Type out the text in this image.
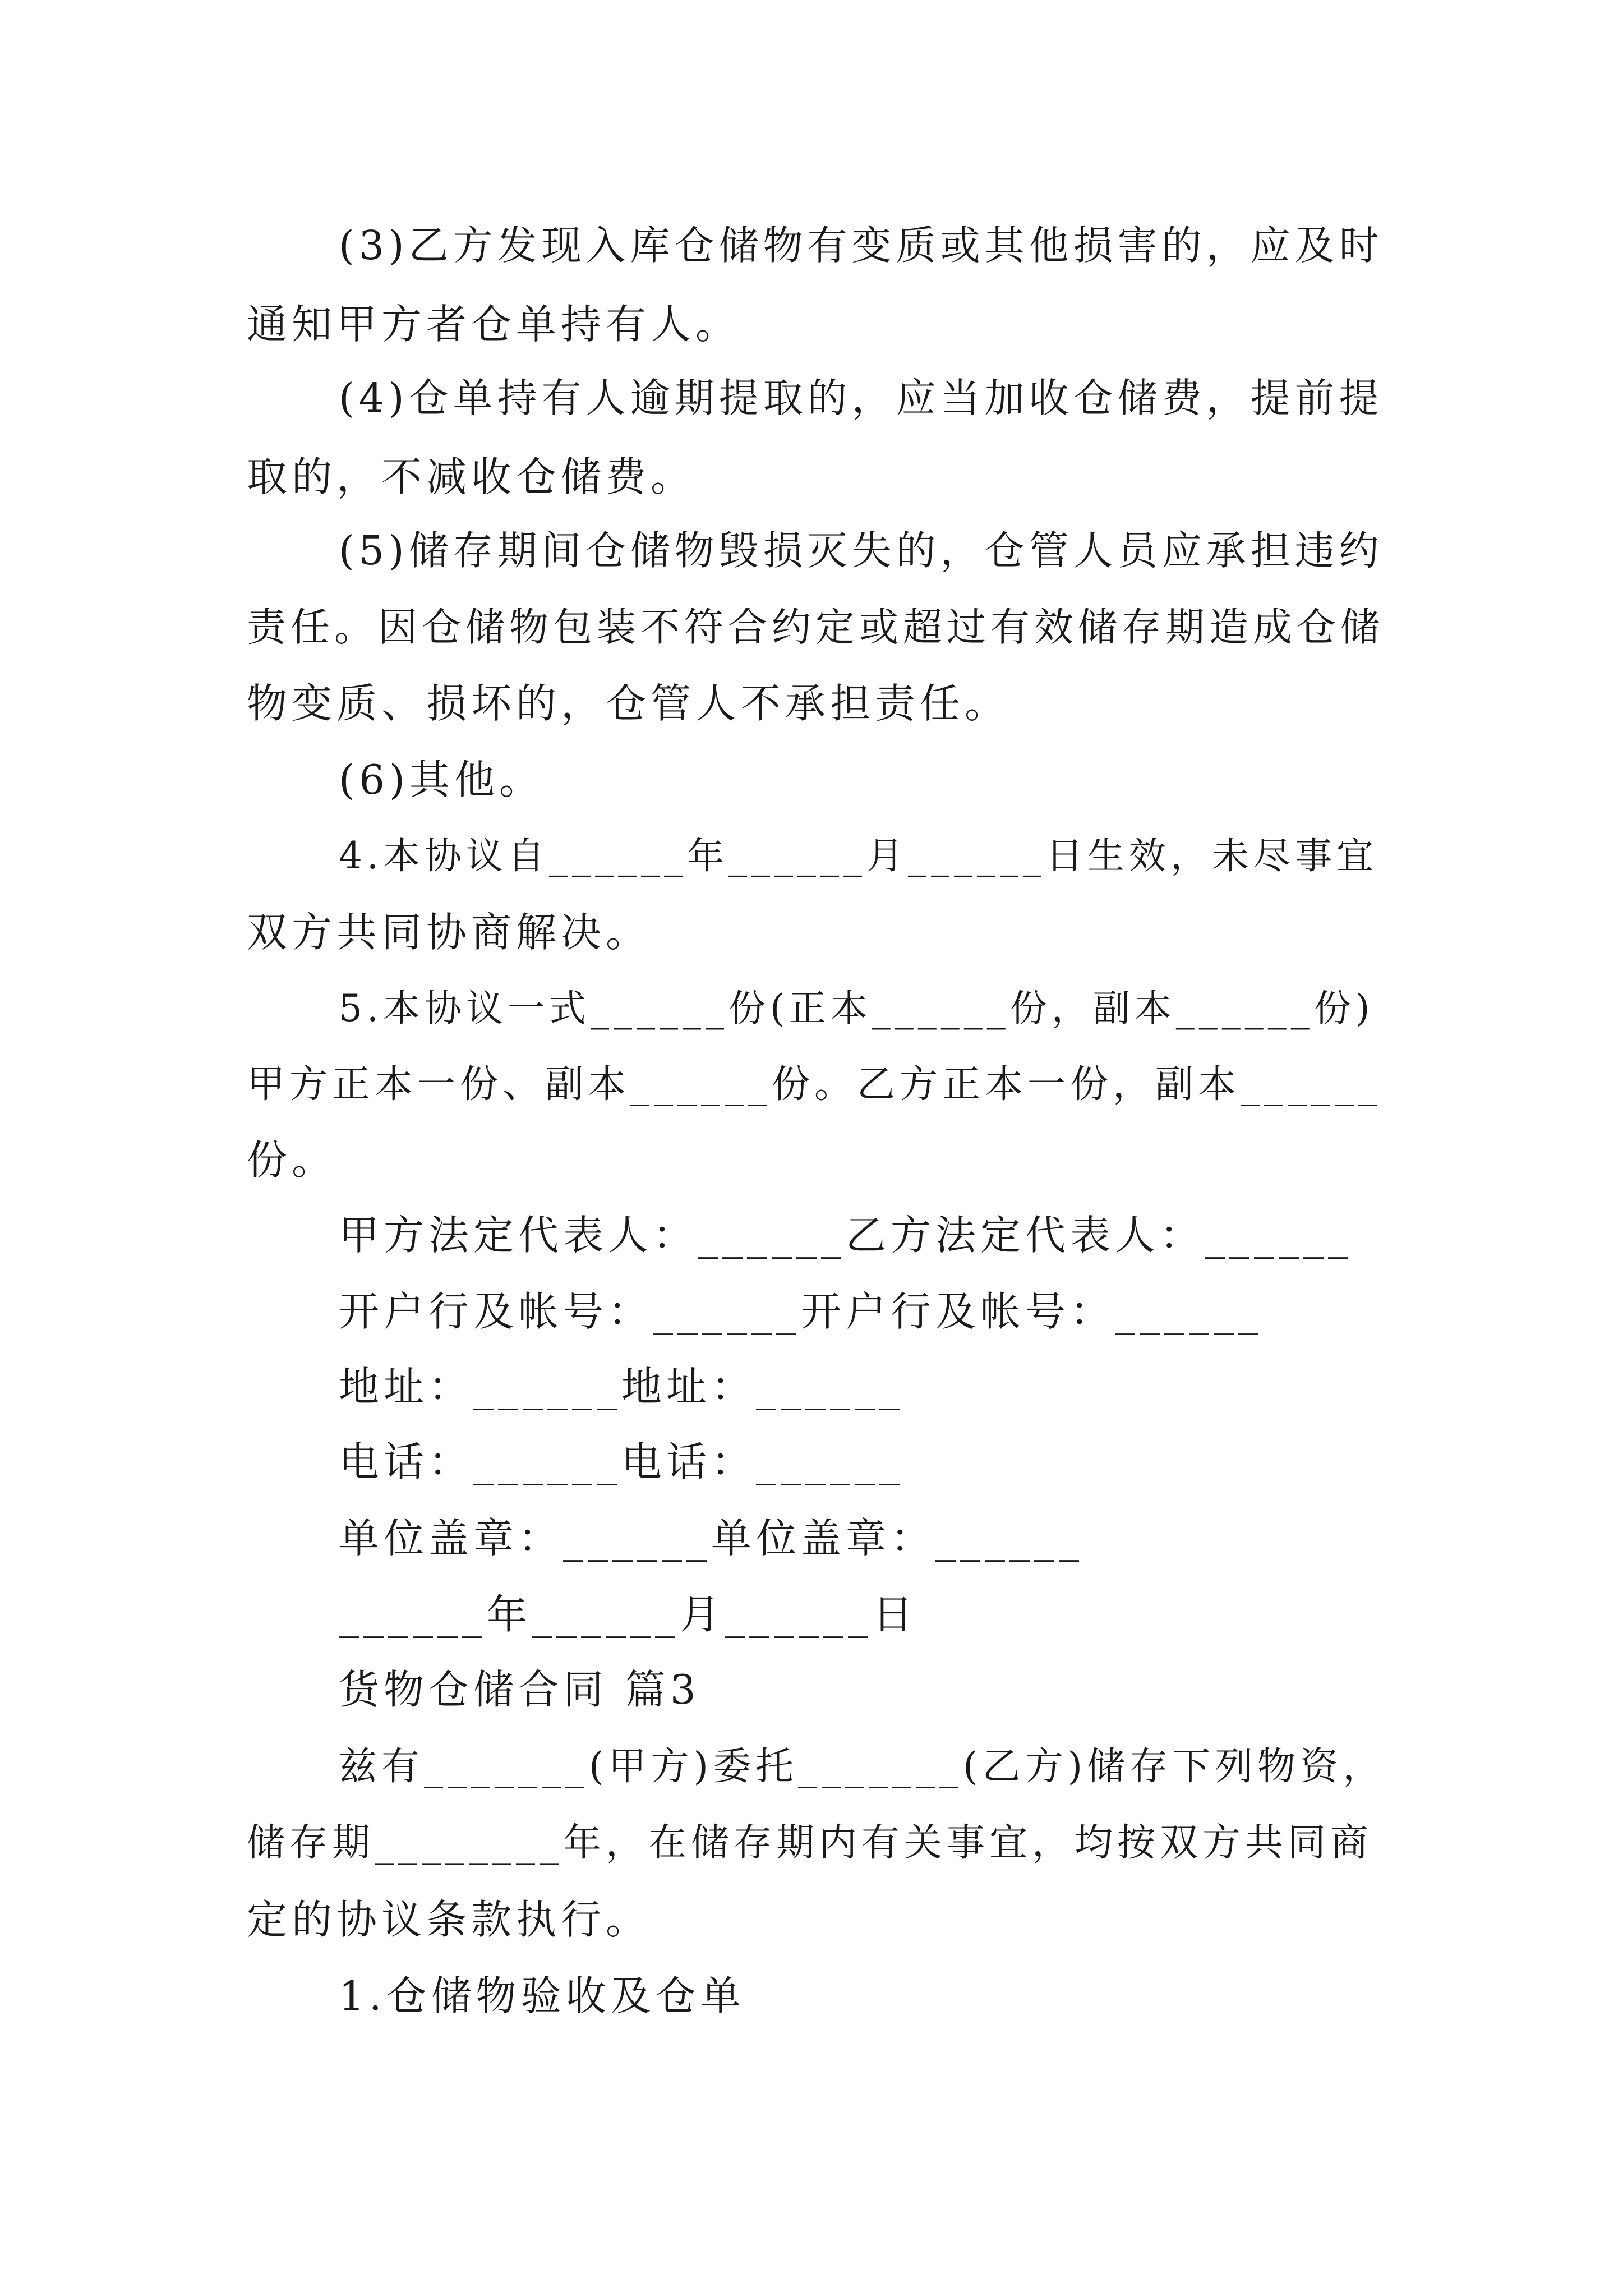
(3)乙方发现入库仓储物有变质或其他损害的，应及时
通知甲方者仓单持有人。
(4)仓单持有人逾期提取的，应当加收仓储费，提前提
取的，不减收仓储费。
(5)储存期间仓储物毁损灭失的，仓管人员应承担违约
责任。因仓储物包装不符合约定或超过有效储存期造成仓储
物变质、损坏的，仓管人不承担责任。
(6)其他。
4.本协议自______年______月______日生效，未尽事宜
双方共同协商解决。
5.本协议一式______份(正本______份，副本______份)
甲方正本一份、副本______份。乙方正本一份，副本______
份。
甲方法定代表人：______乙方法定代表人：______
开户行及帐号：______开户行及帐号：______
地址：______地址：______
电话：______电话：______
单位盖章：______单位盖章：______
______年______月______日
货物仓储合同 篇3
兹有_______(甲方)委托_______(乙方)储存下列物资，
储存期________年，在储存期内有关事宜，均按双方共同商
定的协议条款执行。
1.仓储物验收及仓单
